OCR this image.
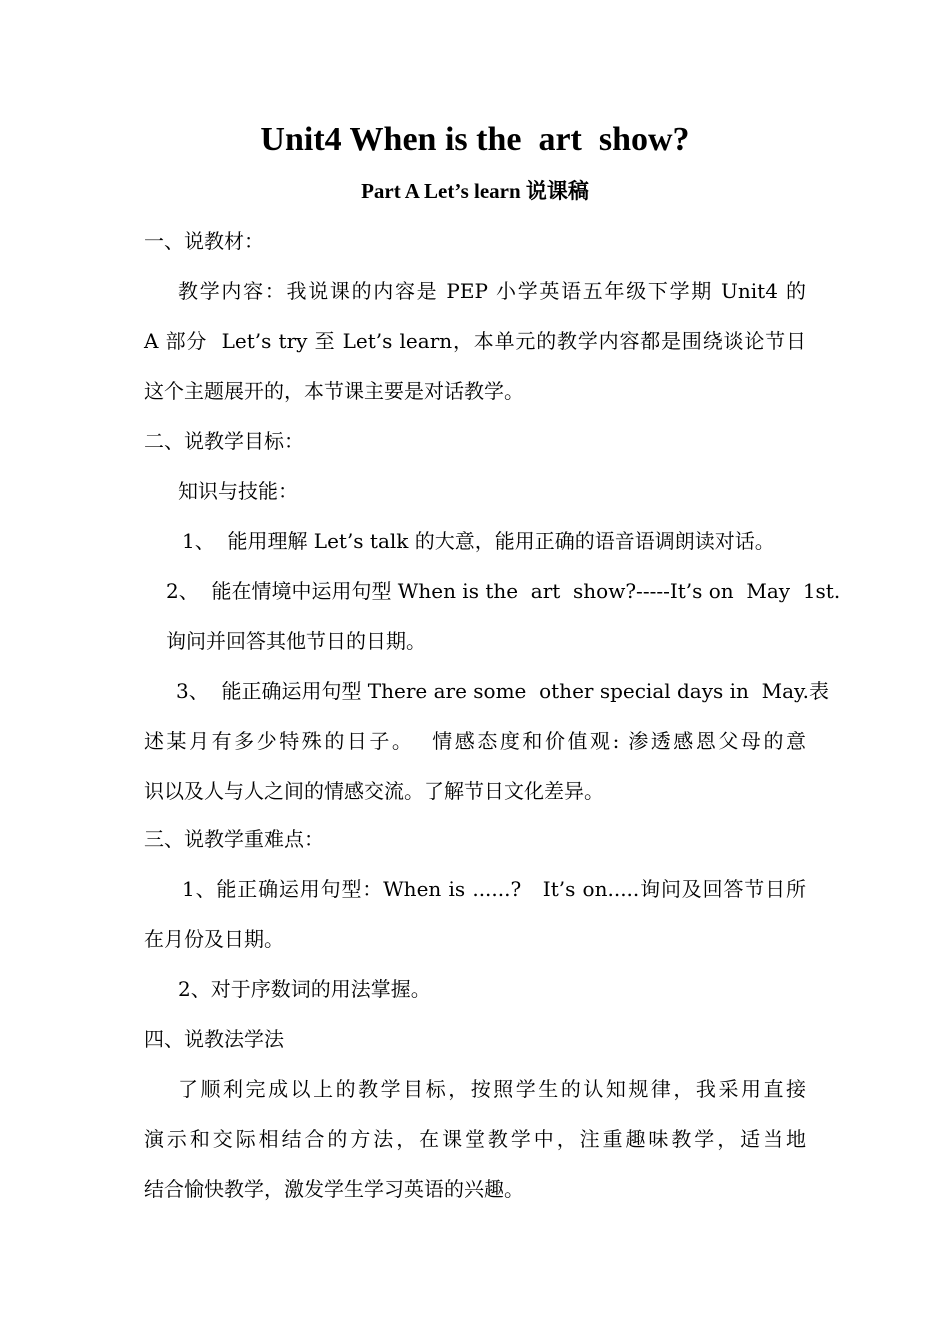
Unit4 When is the  art  show?
Part A Let’s learn 说课稿
一、说教材：
教学内容：我说课的内容是 PEP 小学英语五年级下学期 Unit4 的
A 部分  Let’s try 至 Let’s learn，本单元的教学内容都是围绕谈论节日
这个主题展开的，本节课主要是对话教学。
二、说教学目标：
知识与技能：
1、  能用理解 Let’s talk 的大意，能用正确的语音语调朗读对话。
2、  能在情境中运用句型 When is the  art  show?-----It’s on  May  1st.
询问并回答其他节日的日期。
3、  能正确运用句型 There are some  other special days in  May.表
述某月有多少特殊的日子。  情感态度和价值观: 渗透感恩父母的意
识以及人与人之间的情感交流。了解节日文化差异。
三、说教学重难点：
1、能正确运用句型：When is ......?   It’s on.....询问及回答节日所
在月份及日期。
2、对于序数词的用法掌握。
四、说教法学法
了顺利完成以上的教学目标，按照学生的认知规律，我采用直接
演示和交际相结合的方法，在课堂教学中，注重趣味教学，适当地
结合愉快教学，激发学生学习英语的兴趣。
